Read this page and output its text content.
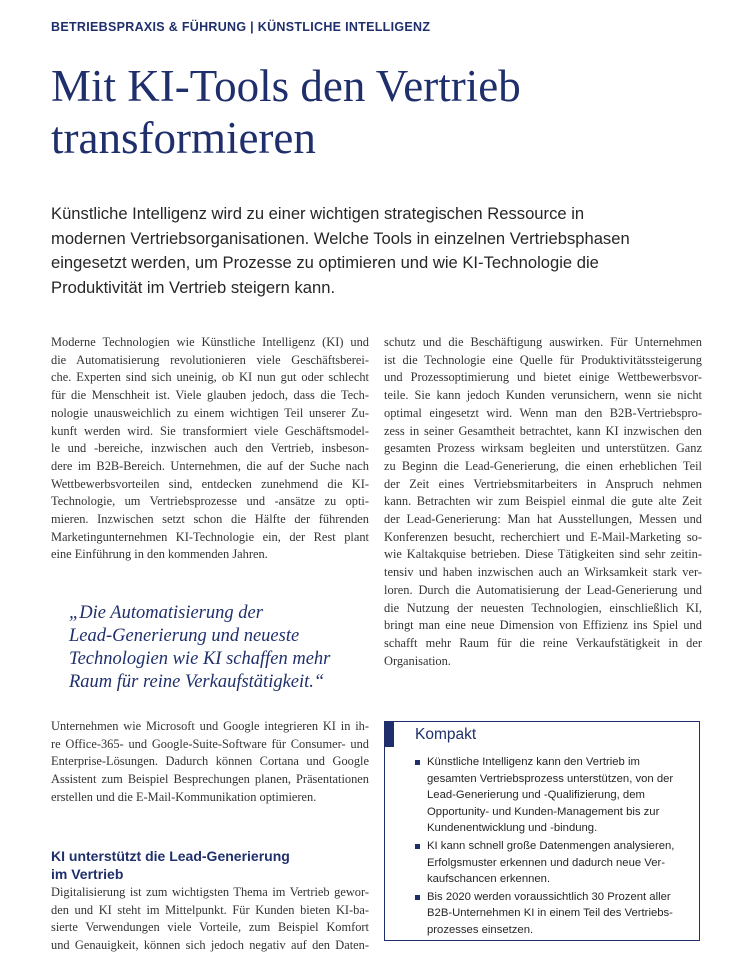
BETRIEBSPRAXIS & FÜHRUNG | KÜNSTLICHE INTELLIGENZ
Mit KI-Tools den Vertrieb
transformieren
Künstliche Intelligenz wird zu einer wichtigen strategischen Ressource in
modernen Vertriebsorganisationen. Welche Tools in einzelnen Vertriebsphasen
eingesetzt werden, um Prozesse zu optimieren und wie KI-Technologie die
Produktivität im Vertrieb steigern kann.
Moderne Technologien wie Künstliche Intelligenz (KI) und
die Automatisierung revolutionieren viele Geschäftsberei-
che. Experten sind sich uneinig, ob KI nun gut oder schlecht
für die Menschheit ist. Viele glauben jedoch, dass die Tech-
nologie unausweichlich zu einem wichtigen Teil unserer Zu-
kunft werden wird. Sie transformiert viele Geschäftsmodel-
le und -bereiche, inzwischen auch den Vertrieb, insbeson-
dere im B2B-Bereich. Unternehmen, die auf der Suche nach
Wettbewerbsvorteilen sind, entdecken zunehmend die KI-
Technologie, um Vertriebsprozesse und -ansätze zu opti-
mieren. Inzwischen setzt schon die Hälfte der führenden
Marketingunternehmen KI-Technologie ein, der Rest plant
eine Einführung in den kommenden Jahren.
„Die Automatisierung der
Lead-Generierung und neueste
Technologien wie KI schaffen mehr
Raum für reine Verkaufstätigkeit.“
Unternehmen wie Microsoft und Google integrieren KI in ih-
re Office-365- und Google-Suite-Software für Consumer- und
Enterprise-Lösungen. Dadurch können Cortana und Google
Assistent zum Beispiel Besprechungen planen, Präsentationen
erstellen und die E-Mail-Kommunikation optimieren.
KI unterstützt die Lead-Generierung
im Vertrieb
Digitalisierung ist zum wichtigsten Thema im Vertrieb gewor-
den und KI steht im Mittelpunkt. Für Kunden bieten KI-ba-
sierte Verwendungen viele Vorteile, zum Beispiel Komfort
und Genauigkeit, können sich jedoch negativ auf den Daten-
schutz und die Beschäftigung auswirken. Für Unternehmen
ist die Technologie eine Quelle für Produktivitätssteigerung
und Prozessoptimierung und bietet einige Wettbewerbsvor-
teile. Sie kann jedoch Kunden verunsichern, wenn sie nicht
optimal eingesetzt wird. Wenn man den B2B-Vertriebspro-
zess in seiner Gesamtheit betrachtet, kann KI inzwischen den
gesamten Prozess wirksam begleiten und unterstützen. Ganz
zu Beginn die Lead-Generierung, die einen erheblichen Teil
der Zeit eines Vertriebsmitarbeiters in Anspruch nehmen
kann. Betrachten wir zum Beispiel einmal die gute alte Zeit
der Lead-Generierung: Man hat Ausstellungen, Messen und
Konferenzen besucht, recherchiert und E-Mail-Marketing so-
wie Kaltakquise betrieben. Diese Tätigkeiten sind sehr zeitin-
tensiv und haben inzwischen auch an Wirksamkeit stark ver-
loren. Durch die Automatisierung der Lead-Generierung und
die Nutzung der neuesten Technologien, einschließlich KI,
bringt man eine neue Dimension von Effizienz ins Spiel und
schafft mehr Raum für die reine Verkaufstätigkeit in der
Organisation.
Kompakt
Künstliche Intelligenz kann den Vertrieb im
gesamten Vertriebsprozess unterstützen, von der
Lead-Generierung und -Qualifizierung, dem
Opportunity- und Kunden-Management bis zur
Kundenentwicklung und -bindung.
KI kann schnell große Datenmengen analysieren,
Erfolgsmuster erkennen und dadurch neue Ver-
kaufschancen erkennen.
Bis 2020 werden voraussichtlich 30 Prozent aller
B2B-Unternehmen KI in einem Teil des Vertriebs-
prozesses einsetzen.
